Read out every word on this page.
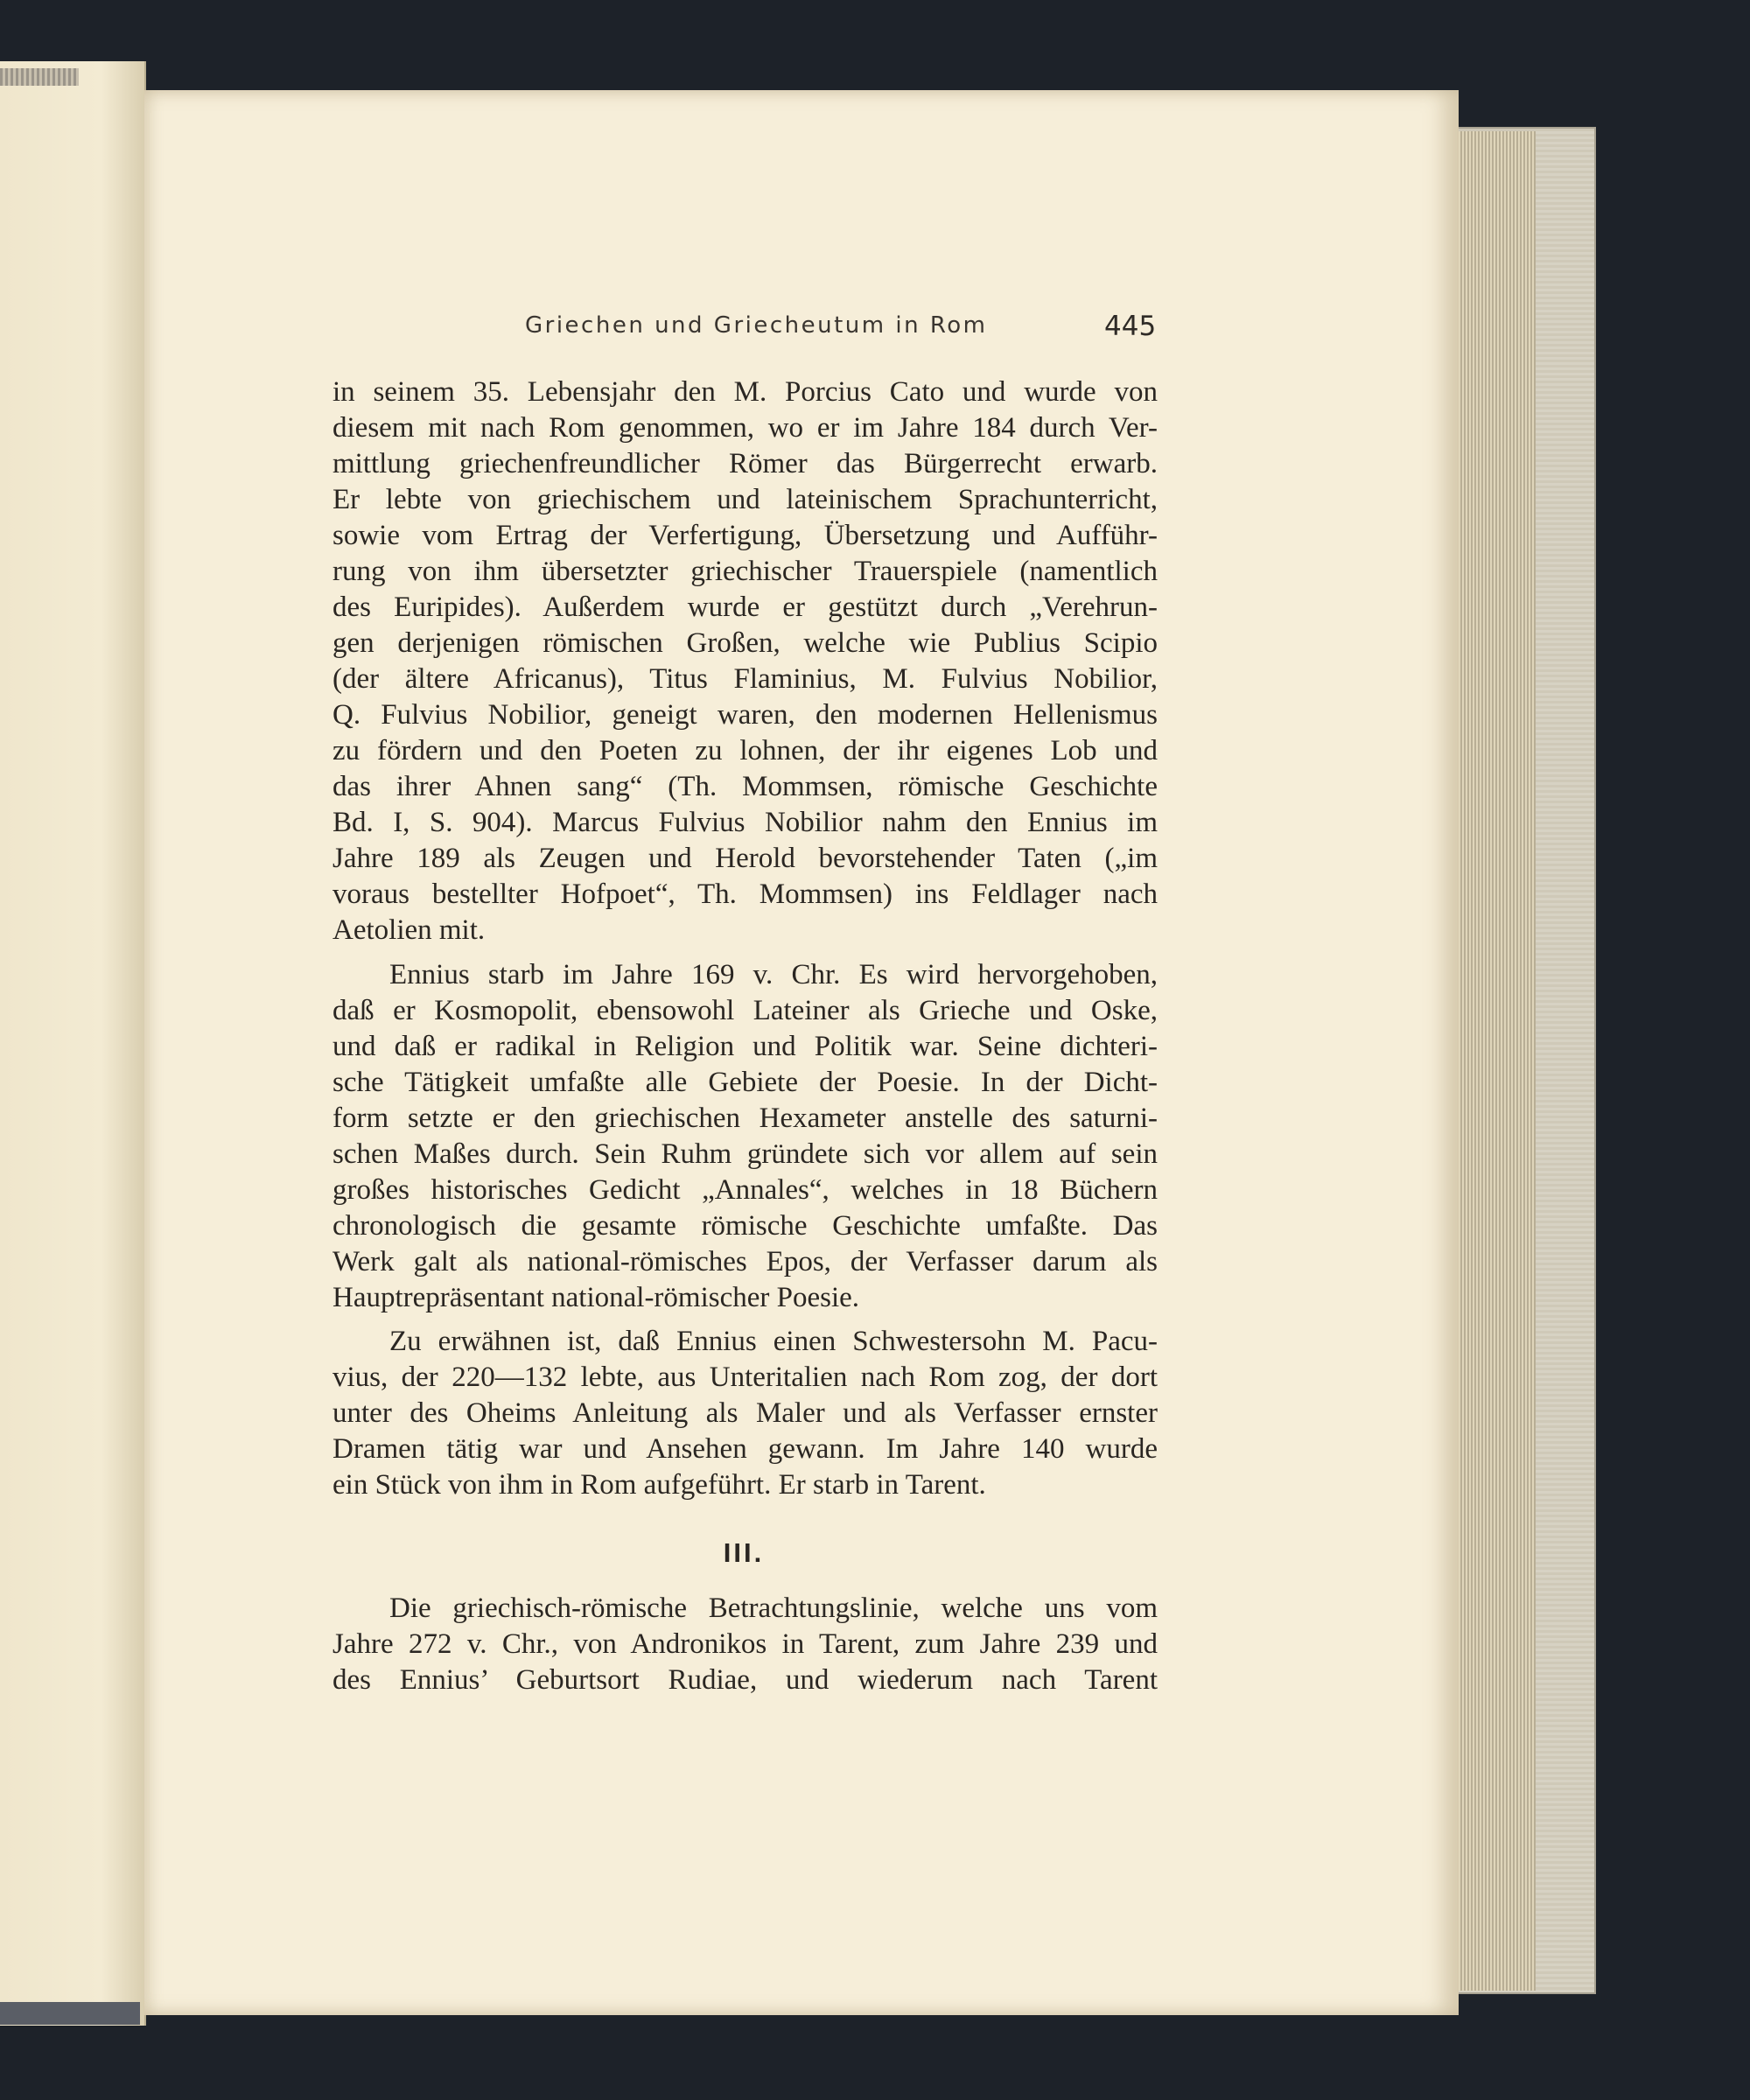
Griechen und Griecheutum in Rom	445
in seinem 35. Lebensjahr den M. Porcius Cato und wurde von
diesem mit nach Rom genommen, wo er im Jahre 184 durch Ver-
mittlung griechenfreundlicher Römer das Bürgerrecht erwarb.
Er lebte von griechischem und lateinischem Sprachunterricht,
sowie vom Ertrag der Verfertigung, Übersetzung und Aufführ-
rung von ihm übersetzter griechischer Trauerspiele (namentlich
des Euripides). Außerdem wurde er gestützt durch „Verehrun-
gen derjenigen römischen Großen, welche wie Publius Scipio
(der ältere Africanus), Titus Flaminius, M. Fulvius Nobilior,
Q. Fulvius Nobilior, geneigt waren, den modernen Hellenismus
zu fördern und den Poeten zu lohnen, der ihr eigenes Lob und
das ihrer Ahnen sang“ (Th. Mommsen, römische Geschichte
Bd. I, S. 904). Marcus Fulvius Nobilior nahm den Ennius im
Jahre 189 als Zeugen und Herold bevorstehender Taten („im
voraus bestellter Hofpoet“, Th. Mommsen) ins Feldlager nach
Aetolien mit.
Ennius starb im Jahre 169 v. Chr. Es wird hervorgehoben,
daß er Kosmopolit, ebensowohl Lateiner als Grieche und Oske,
und daß er radikal in Religion und Politik war. Seine dichteri-
sche Tätigkeit umfaßte alle Gebiete der Poesie. In der Dicht-
form setzte er den griechischen Hexameter anstelle des saturni-
schen Maßes durch. Sein Ruhm gründete sich vor allem auf sein
großes historisches Gedicht „Annales“, welches in 18 Büchern
chronologisch die gesamte römische Geschichte umfaßte. Das
Werk galt als national-römisches Epos, der Verfasser darum als
Hauptrepräsentant national-römischer Poesie.
Zu erwähnen ist, daß Ennius einen Schwestersohn M. Pacu-
vius, der 220—132 lebte, aus Unteritalien nach Rom zog, der dort
unter des Oheims Anleitung als Maler und als Verfasser ernster
Dramen tätig war und Ansehen gewann. Im Jahre 140 wurde
ein Stück von ihm in Rom aufgeführt. Er starb in Tarent.
III.
Die griechisch-römische Betrachtungslinie, welche uns vom
Jahre 272 v. Chr., von Andronikos in Tarent, zum Jahre 239 und
des Ennius’ Geburtsort Rudiae, und wiederum nach Tarent
